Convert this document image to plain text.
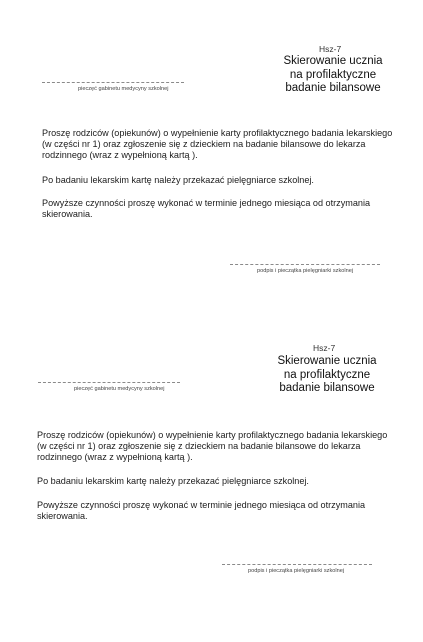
Hsz-7
Skierowanie ucznia
na profilaktyczne
badanie bilansowe
pieczęć gabinetu medycyny szkolnej

Proszę rodziców (opiekunów) o wypełnienie karty profilaktycznego badania lekarskiego (w części nr 1) oraz zgłoszenie się z dzieckiem na badanie bilansowe do lekarza rodzinnego (wraz z wypełnioną kartą ).

Po badaniu lekarskim kartę należy przekazać pielęgniarce szkolnej.

Powyższe czynności proszę wykonać w terminie jednego miesiąca od otrzymania skierowania.

podpis i pieczątka pielęgniarki szkolnej
Hsz-7
Skierowanie ucznia
na profilaktyczne
badanie bilansowe
pieczęć gabinetu medycyny szkolnej

Proszę rodziców (opiekunów) o wypełnienie karty profilaktycznego badania lekarskiego (w części nr 1) oraz zgłoszenie się z dzieckiem na badanie bilansowe do lekarza rodzinnego (wraz z wypełnioną kartą ).

Po badaniu lekarskim kartę należy przekazać pielęgniarce szkolnej.

Powyższe czynności proszę wykonać w terminie jednego miesiąca od otrzymania skierowania.

podpis i pieczątka pielęgniarki szkolnej
